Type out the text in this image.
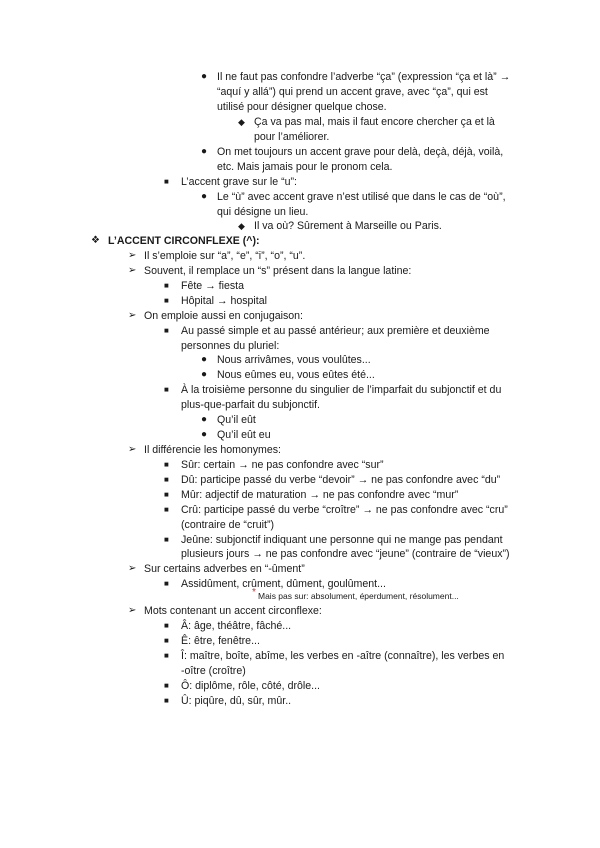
● Il ne faut pas confondre l’adverbe “ça” (expression “ça et là” →
“aquí y allá”) qui prend un accent grave, avec “ça”, qui est
utilisé pour désigner quelque chose.
◆ Ça va pas mal, mais il faut encore chercher ça et là
pour l’améliorer.
● On met toujours un accent grave pour delà, deçà, déjà, voilà,
etc. Mais jamais pour le pronom cela.
■ L’accent grave sur le “u”:
● Le “ù” avec accent grave n’est utilisé que dans le cas de “où”,
qui désigne un lieu.
◆ Il va où? Sûrement à Marseille ou Paris.
❖ L’ACCENT CIRCONFLEXE (^):
➢ Il s’emploie sur “a”, “e”, “i”, “o”, “u”.
➢ Souvent, il remplace un “s” présent dans la langue latine:
■ Fête → fiesta
■ Hôpital → hospital
➢ On emploie aussi en conjugaison:
■ Au passé simple et au passé antérieur; aux première et deuxième
personnes du pluriel:
● Nous arrivâmes, vous voulûtes...
● Nous eûmes eu, vous eûtes été...
■ À la troisième personne du singulier de l’imparfait du subjonctif et du
plus-que-parfait du subjonctif.
● Qu’il eût
● Qu’il eût eu
➢ Il différencie les homonymes:
■ Sûr: certain → ne pas confondre avec “sur”
■ Dû: participe passé du verbe “devoir” → ne pas confondre avec “du”
■ Mûr: adjectif de maturation → ne pas confondre avec “mur”
■ Crû: participe passé du verbe “croître” → ne pas confondre avec “cru”
(contraire de “cruit”)
■ Jeûne: subjonctif indiquant une personne qui ne mange pas pendant
plusieurs jours → ne pas confondre avec “jeune” (contraire de “vieux”)
➢ Sur certains adverbes en “-ûment”
■ Assidûment, crûment, dûment, goulûment...
* Mais pas sur: absolument, éperdument, résolument...
➢ Mots contenant un accent circonflexe:
■ Â: âge, théâtre, fâché...
■ Ê: être, fenêtre...
■ Î: maître, boîte, abîme, les verbes en -aître (connaître), les verbes en
-oître (croître)
■ Ô: diplôme, rôle, côté, drôle...
■ Û: piqûre, dû, sûr, mûr..
